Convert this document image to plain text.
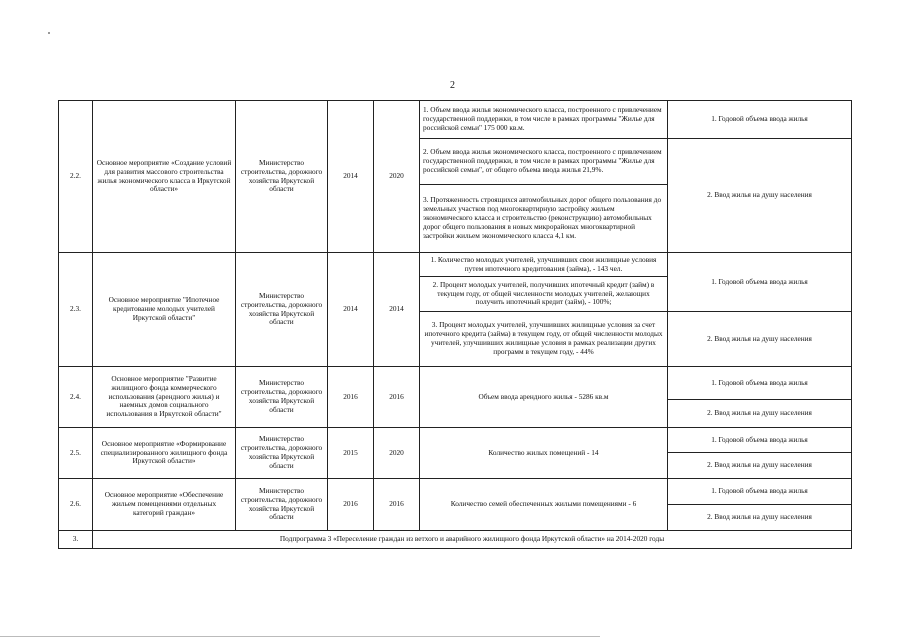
2
2.2.	Основное мероприятие «Создание условий для развития массового строительства жилья экономического класса в Иркутской области»	Министерство строительства, дорожного хозяйства Иркутской области	2014	2020	1. Объем ввода жилья экономического класса, построенного с привлечением государственной поддержки, в том числе в рамках программы "Жилье для российской семьи" 175 000 кв.м.	1. Годовой объема ввода жилья
					2. Объем ввода жилья экономического класса, построенного с привлечением государственной поддержки, в том числе в рамках программы "Жилье для российской семьи", от общего объема ввода жилья 21,9%.	2. Ввод жилья на душу населения
					3. Протяженность строящихся автомобильных дорог общего пользования до земельных участков под многоквартирную застройку жильем экономического класса и строительство (реконструкцию) автомобильных дорог общего пользования в новых микрорайонах многоквартирной застройки жильем экономического класса 4,1 км.	
2.3.	Основное мероприятие "Ипотечное кредитование молодых учителей Иркутской области"	Министерство строительства, дорожного хозяйства Иркутской области	2014	2014	1. Количество молодых учителей, улучшивших свои жилищные условия путем ипотечного кредитования (займа), - 143 чел.	1. Годовой объема ввода жилья
					2. Процент молодых учителей, получивших ипотечный кредит (займ) в текущем году, от общей численности молодых учителей, желающих получить ипотечный кредит (займ), - 100%;	
					3. Процент молодых учителей, улучшивших жилищные условия за счет ипотечного кредита (займа) в текущем году, от общей численности молодых учителей, улучшивших жилищные условия в рамках реализации других программ в текущем году, - 44%	2. Ввод жилья на душу населения
2.4.	Основное мероприятие "Развитие жилищного фонда коммерческого использования (арендного жилья) и наемных домов социального использования в Иркутской области"	Министерство строительства, дорожного хозяйства Иркутской области	2016	2016	Объем ввода арендного жилья - 5286 кв.м	1. Годовой объема ввода жилья
						2. Ввод жилья на душу населения
2.5.	Основное мероприятие «Формирование специализированного жилищного фонда Иркутской области»	Министерство строительства, дорожного хозяйства Иркутской области	2015	2020	Количество жилых помещений - 14	1. Годовой объема ввода жилья
						2. Ввод жилья на душу населения
2.6.	Основное мероприятие «Обеспечение жильем помещениями отдельных категорий граждан»	Министерство строительства, дорожного хозяйства Иркутской области	2016	2016	Количество семей обеспеченных жилыми помещениями - 6	1. Годовой объема ввода жилья
						2. Ввод жилья на душу населения
3.	Подпрограмма 3 «Переселение граждан из ветхого и аварийного жилищного фонда Иркутской области» на 2014-2020 годы					
